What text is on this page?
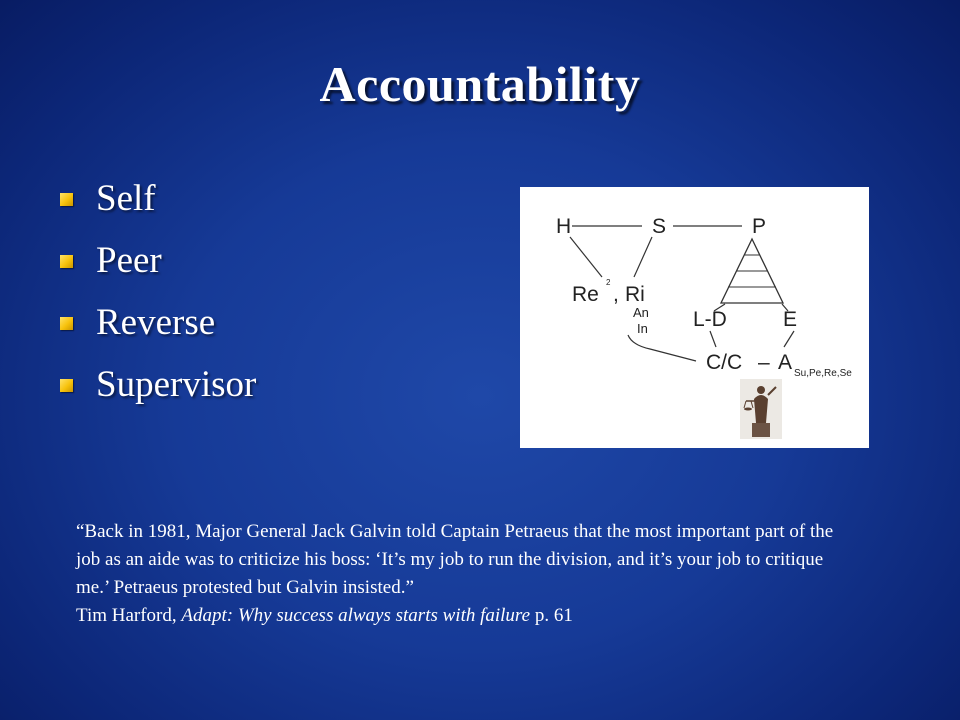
Accountability
Self
Peer
Reverse
Supervisor
H	S	P
Re
2
, Ri
An
In L-D	E
C/C – A Su,Pe,Re,Se
“Back in 1981, Major General Jack Galvin told Captain Petraeus that the most important part of the job as an aide was to criticize his boss: ‘It’s my job to run the division, and it’s your job to critique me.’ Petraeus protested but Galvin insisted.”
Tim Harford, Adapt: Why success always starts with failure p. 61
